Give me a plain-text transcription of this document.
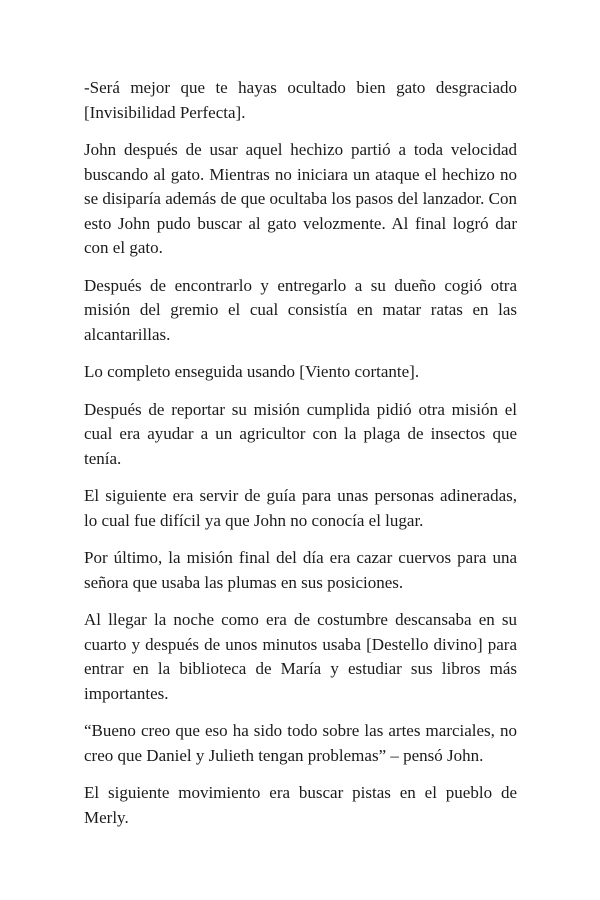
-Será mejor que te hayas ocultado bien gato desgraciado [Invisibilidad Perfecta].

John después de usar aquel hechizo partió a toda velocidad buscando al gato. Mientras no iniciara un ataque el hechizo no se disiparía además de que ocultaba los pasos del lanzador. Con esto John pudo buscar al gato velozmente. Al final logró dar con el gato.

Después de encontrarlo y entregarlo a su dueño cogió otra misión del gremio el cual consistía en matar ratas en las alcantarillas.

Lo completo enseguida usando [Viento cortante].

Después de reportar su misión cumplida pidió otra misión el cual era ayudar a un agricultor con la plaga de insectos que tenía.

El siguiente era servir de guía para unas personas adineradas, lo cual fue difícil ya que John no conocía el lugar.

Por último, la misión final del día era cazar cuervos para una señora que usaba las plumas en sus posiciones.

Al llegar la noche como era de costumbre descansaba en su cuarto y después de unos minutos usaba [Destello divino] para entrar en la biblioteca de María y estudiar sus libros más importantes.

“Bueno creo que eso ha sido todo sobre las artes marciales, no creo que Daniel y Julieth tengan problemas” – pensó John.

El siguiente movimiento era buscar pistas en el pueblo de Merly.
